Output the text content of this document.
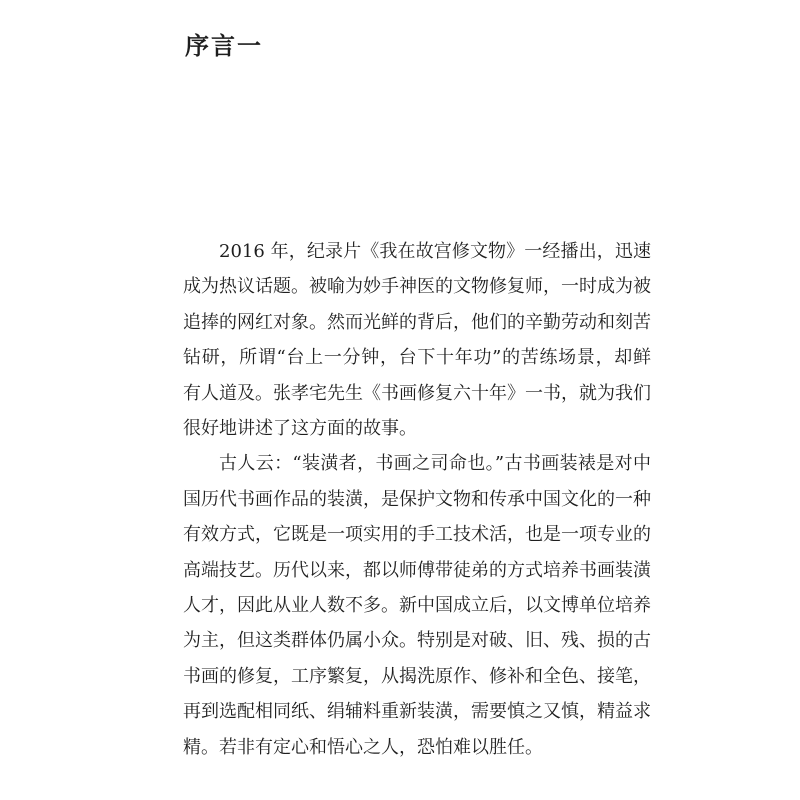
序言一

2016 年，纪录片《我在故宫修文物》一经播出，迅速成为热议话题。被喻为妙手神医的文物修复师，一时成为被追捧的网红对象。然而光鲜的背后，他们的辛勤劳动和刻苦钻研，所谓“台上一分钟，台下十年功”的苦练场景，却鲜有人道及。张孝宅先生《书画修复六十年》一书，就为我们很好地讲述了这方面的故事。

古人云：“装潢者，书画之司命也。”古书画装裱是对中国历代书画作品的装潢，是保护文物和传承中国文化的一种有效方式，它既是一项实用的手工技术活，也是一项专业的高端技艺。历代以来，都以师傅带徒弟的方式培养书画装潢人才，因此从业人数不多。新中国成立后，以文博单位培养为主，但这类群体仍属小众。特别是对破、旧、残、损的古书画的修复，工序繁复，从揭洗原作、修补和全色、接笔，再到选配相同纸、绢辅料重新装潢，需要慎之又慎，精益求精。若非有定心和悟心之人，恐怕难以胜任。
